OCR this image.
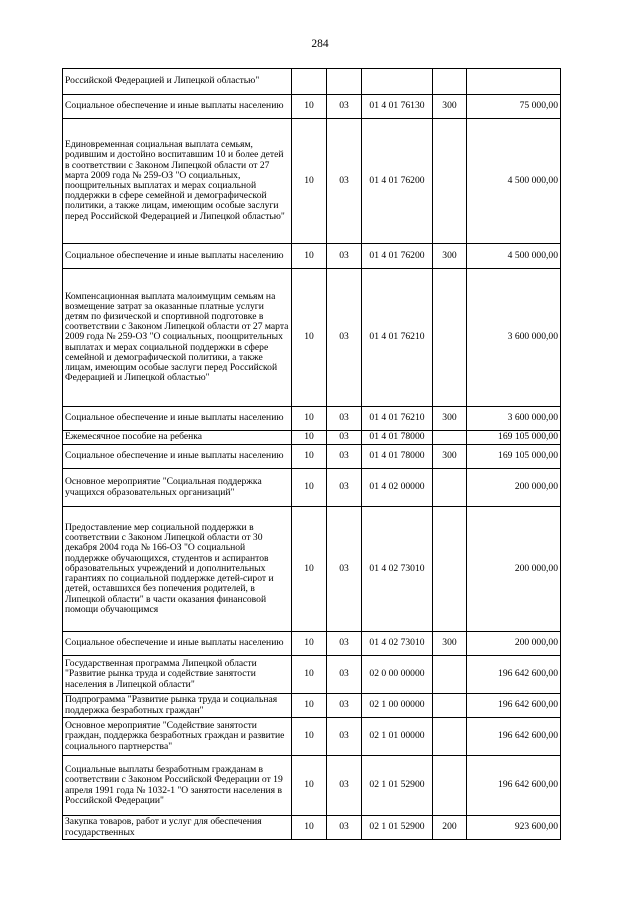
284
Российской Федерацией и Липецкой областью"					
Социальное обеспечение и иные выплаты населению	10	03	01 4 01 76130	300	75 000,00
Единовременная социальная выплата семьям, родившим и достойно воспитавшим 10 и более детей в соответствии с Законом Липецкой области от 27 марта 2009 года № 259-ОЗ "О социальных, поощрительных выплатах и мерах социальной поддержки в сфере семейной и демографической политики, а также лицам, имеющим особые заслуги перед Российской Федерацией и Липецкой областью"	10	03	01 4 01 76200		4 500 000,00
Социальное обеспечение и иные выплаты населению	10	03	01 4 01 76200	300	4 500 000,00
Компенсационная выплата малоимущим семьям на возмещение затрат за оказанные платные услуги детям по физической и спортивной подготовке в соответствии с Законом Липецкой области от 27 марта 2009 года № 259-ОЗ "О социальных, поощрительных выплатах и мерах социальной поддержки в сфере семейной и демографической политики, а также лицам, имеющим особые заслуги перед Российской Федерацией и Липецкой областью"	10	03	01 4 01 76210		3 600 000,00
Социальное обеспечение и иные выплаты населению	10	03	01 4 01 76210	300	3 600 000,00
Ежемесячное пособие на ребенка	10	03	01 4 01 78000		169 105 000,00
Социальное обеспечение и иные выплаты населению	10	03	01 4 01 78000	300	169 105 000,00
Основное мероприятие "Социальная поддержка учащихся образовательных организаций"	10	03	01 4 02 00000		200 000,00
Предоставление мер социальной поддержки в соответствии с Законом Липецкой области от 30 декабря 2004 года № 166-ОЗ "О социальной поддержке обучающихся, студентов и аспирантов образовательных учреждений и дополнительных гарантиях по социальной поддержке детей-сирот и детей, оставшихся без попечения родителей, в Липецкой области" в части оказания финансовой помощи обучающимся	10	03	01 4 02 73010		200 000,00
Социальное обеспечение и иные выплаты населению	10	03	01 4 02 73010	300	200 000,00
Государственная программа Липецкой области "Развитие рынка труда и содействие занятости населения в Липецкой области"	10	03	02 0 00 00000		196 642 600,00
Подпрограмма "Развитие рынка труда и социальная поддержка безработных граждан"	10	03	02 1 00 00000		196 642 600,00
Основное мероприятие "Содействие занятости граждан, поддержка безработных граждан и развитие социального партнерства"	10	03	02 1 01 00000		196 642 600,00
Социальные выплаты безработным гражданам в соответствии с Законом Российской Федерации от 19 апреля 1991 года № 1032-1 "О занятости населения в Российской Федерации"	10	03	02 1 01 52900		196 642 600,00
Закупка товаров, работ и услуг для обеспечения государственных	10	03	02 1 01 52900	200	923 600,00
